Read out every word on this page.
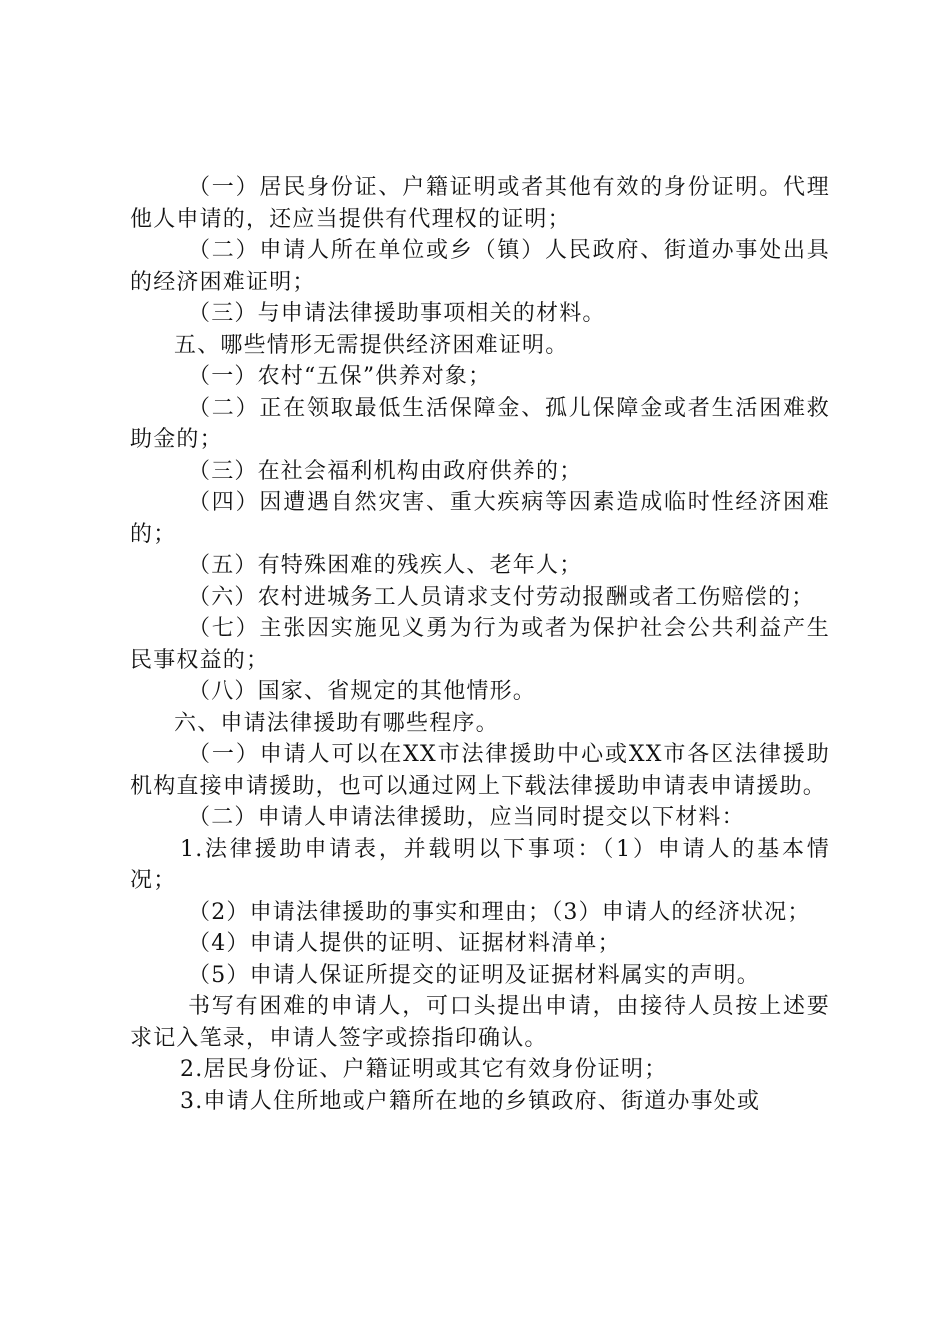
（一）居民身份证、户籍证明或者其他有效的身份证明。代理他人申请的，还应当提供有代理权的证明；

（二）申请人所在单位或乡（镇）人民政府、街道办事处出具的经济困难证明；

（三）与申请法律援助事项相关的材料。

五、哪些情形无需提供经济困难证明。

（一）农村“五保”供养对象；

（二）正在领取最低生活保障金、孤儿保障金或者生活困难救助金的；

（三）在社会福利机构由政府供养的；

（四）因遭遇自然灾害、重大疾病等因素造成临时性经济困难的；

（五）有特殊困难的残疾人、老年人；

（六）农村进城务工人员请求支付劳动报酬或者工伤赔偿的；

（七）主张因实施见义勇为行为或者为保护社会公共利益产生民事权益的；

（八）国家、省规定的其他情形。

六、申请法律援助有哪些程序。

（一）申请人可以在XX市法律援助中心或XX市各区法律援助机构直接申请援助，也可以通过网上下载法律援助申请表申请援助。

（二）申请人申请法律援助，应当同时提交以下材料：

1.法律援助申请表，并载明以下事项：（1）申请人的基本情况；

（2）申请法律援助的事实和理由；（3）申请人的经济状况；

（4）申请人提供的证明、证据材料清单；

（5）申请人保证所提交的证明及证据材料属实的声明。

书写有困难的申请人，可口头提出申请，由接待人员按上述要求记入笔录，申请人签字或捺指印确认。

2.居民身份证、户籍证明或其它有效身份证明；

3.申请人住所地或户籍所在地的乡镇政府、街道办事处或
